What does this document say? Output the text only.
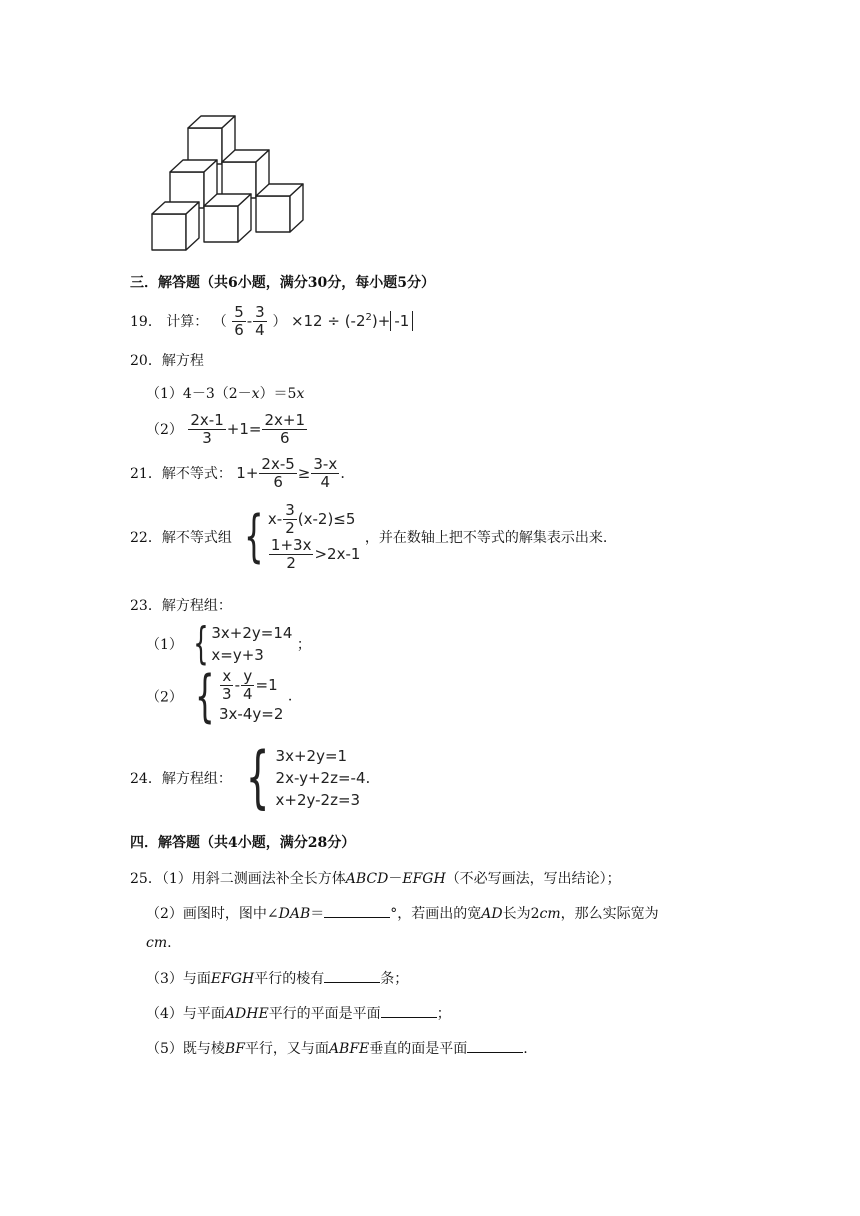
三．解答题（共6小题，满分30分，每小题5分）
19． 计算： （ $\frac{5}{6} - \frac{3}{4}$ ） $\times 12 \div (-2^2)+ -1$
20．解方程
（1）4－3（2－x）＝5x
$(2) \frac{2x-1}{3} +1= \frac{2x+1}{6}$
21．解不等式： $1+ \frac{2x-5}{6} \ge \frac{3-x}{4}$ .
22．解不等式组 { $x- \frac{3}{2} (x-2)\le 5$
$\frac{1+3x}{2} >2x-1$
，并在数轴上把不等式的解集表示出来.
23．解方程组：
（1） { 3x+2y=14
x=y+3
；
（2） { $\frac{x}{3} - \frac{y}{4} =1$
3x-4y=2
.
24．解方程组： { 3x+2y=1
2x-y+2z=-4.
x+2y-2z=3
四．解答题（共4小题，满分28分）
25．（1）用斜二测画法补全长方体ABCD－EFGH（不必写画法，写出结论）；
（2）画图时，图中∠DAB＝	°，若画出的宽AD长为2cm，那么实际宽为
cm.
（3）与面EFGH平行的棱有	条；
（4）与平面ADHE平行的平面是平面	；
（5）既与棱BF平行，又与面ABFE垂直的面是平面	.
